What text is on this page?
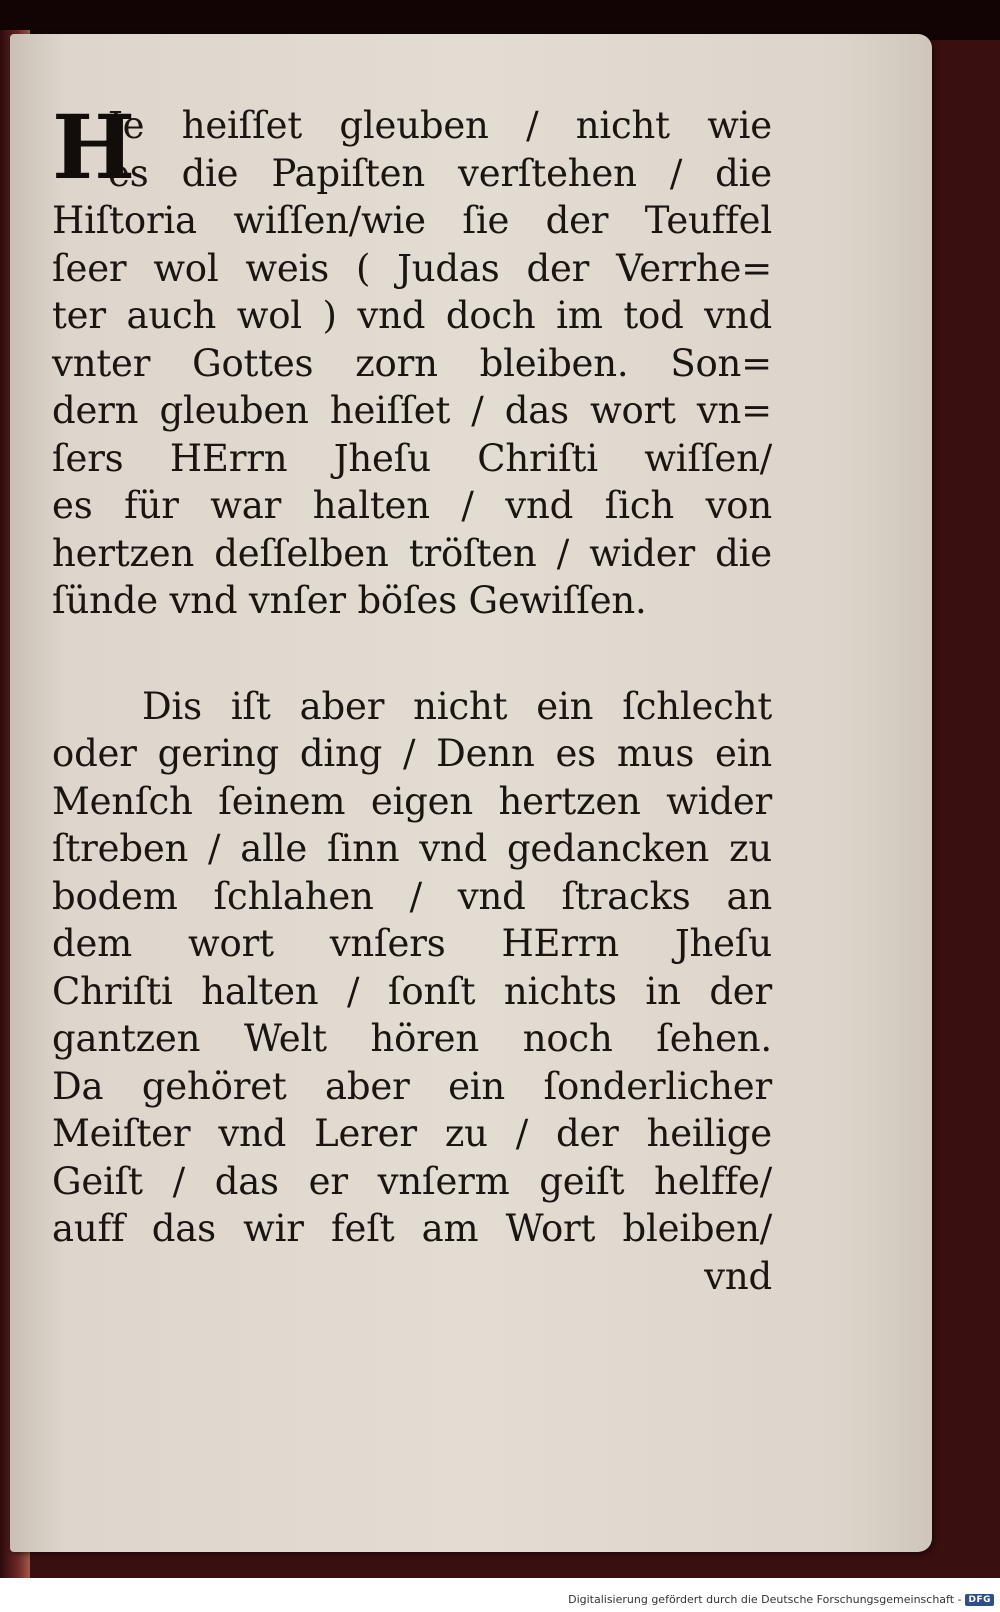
H
Je heiſſet gleuben / nicht wie
es die Papiſten verſtehen / die
Hiſtoria wiſſen/wie ſie der Teuffel
ſeer wol weis ( Judas der Verrhe=
ter auch wol ) vnd doch im tod vnd
vnter Gottes zorn bleiben. Son=
dern gleuben heiſſet / das wort vn=
ſers HErrn Jheſu Chriſti wiſſen/
es für war halten / vnd ſich von
hertzen deſſelben tröſten / wider die
ſünde vnd vnſer böſes Gewiſſen.
Dis iſt aber nicht ein ſchlecht
oder gering ding / Denn es mus ein
Menſch ſeinem eigen hertzen wider
ſtreben / alle ſinn vnd gedancken zu
bodem ſchlahen / vnd ſtracks an
dem wort vnſers HErrn Jheſu
Chriſti halten / ſonſt nichts in der
gantzen Welt hören noch ſehen.
Da gehöret aber ein ſonderlicher
Meiſter vnd Lerer zu / der heilige
Geiſt / das er vnſerm geiſt helffe/
auff das wir feſt am Wort bleiben/
vnd
Digitalisierung gefördert durch die Deutsche Forschungsgemeinschaft - DFG
